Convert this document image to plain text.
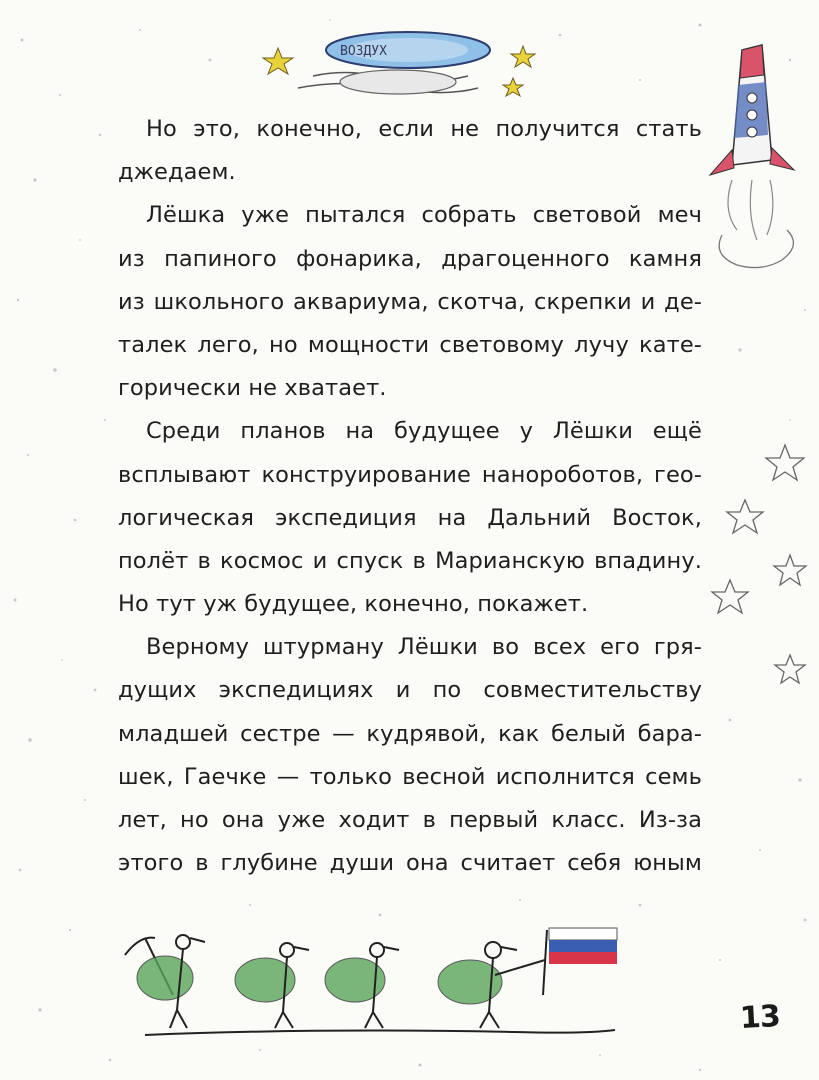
ВОЗДУХ
Но это, конечно, если не получится стать
джедаем.
Лёшка уже пытался собрать световой меч
из папиного фонарика, драгоценного камня
из школьного аквариума, скотча, скрепки и де-
талек лего, но мощности световому лучу кате-
горически не хватает.
Среди планов на будущее у Лёшки ещё
всплывают конструирование нанороботов, гео-
логическая экспедиция на Дальний Восток,
полёт в космос и спуск в Марианскую впадину.
Но тут уж будущее, конечно, покажет.
Верному штурману Лёшки во всех его гря-
дущих экспедициях и по совместительству
младшей сестре — кудрявой, как белый бара-
шек, Гаечке — только весной исполнится семь
лет, но она уже ходит в первый класс. Из-за
этого в глубине души она считает себя юным
13
